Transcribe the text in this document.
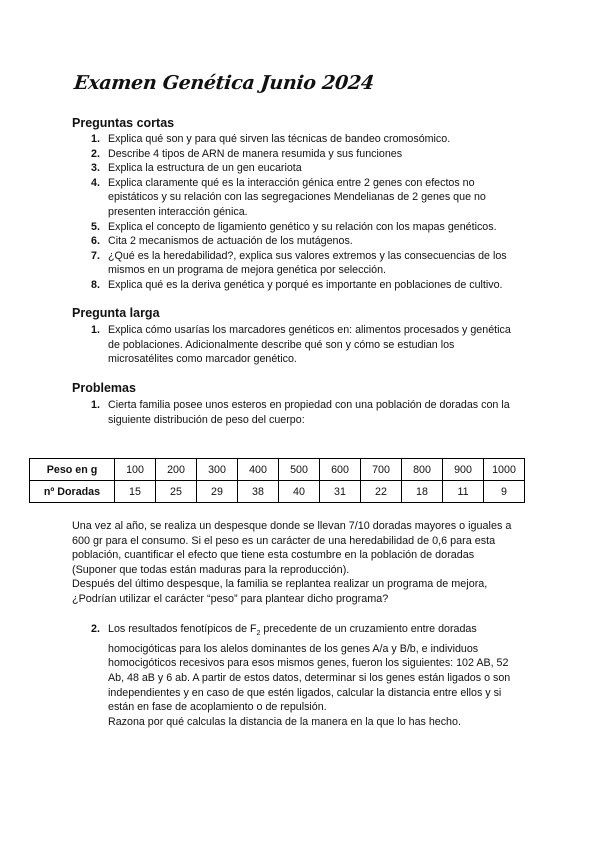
Examen Genética Junio 2024
Preguntas cortas
1. Explica qué son y para qué sirven las técnicas de bandeo cromosómico.
2. Describe 4 tipos de ARN de manera resumida y sus funciones
3. Explica la estructura de un gen eucariota
4. Explica claramente qué es la interacción génica entre 2 genes con efectos no
epistáticos y su relación con las segregaciones Mendelianas de 2 genes que no
presenten interacción génica.
5. Explica el concepto de ligamiento genético y su relación con los mapas genéticos.
6. Cita 2 mecanismos de actuación de los mutágenos.
7. ¿Qué es la heredabilidad?, explica sus valores extremos y las consecuencias de los
mismos en un programa de mejora genética por selección.
8. Explica qué es la deriva genética y porqué es importante en poblaciones de cultivo.
Pregunta larga
1. Explica cómo usarías los marcadores genéticos en: alimentos procesados y genética
de poblaciones. Adicionalmente describe qué son y cómo se estudian los
microsatélites como marcador genético.
Problemas
1. Cierta familia posee unos esteros en propiedad con una población de doradas con la
siguiente distribución de peso del cuerpo:
Peso en g	100	200	300	400	500	600	700	800	900	1000
nº Doradas	15	25	29	38	40	31	22	18	11	9

Una vez al año, se realiza un despesque donde se llevan 7/10 doradas mayores o iguales a
600 gr para el consumo. Si el peso es un carácter de una heredabilidad de 0,6 para esta
población, cuantificar el efecto que tiene esta costumbre en la población de doradas
(Suponer que todas están maduras para la reproducción).
Después del último despesque, la familia se replantea realizar un programa de mejora,
¿Podrían utilizar el carácter “peso” para plantear dicho programa?

2. Los resultados fenotípicos de $F_2$ precedente de un cruzamiento entre doradas
homocigóticas para los alelos dominantes de los genes A/a y B/b, e individuos
homocigóticos recesivos para esos mismos genes, fueron los siguientes: 102 AB, 52
Ab, 48 aB y 6 ab. A partir de estos datos, determinar si los genes están ligados o son
independientes y en caso de que estén ligados, calcular la distancia entre ellos y si
están en fase de acoplamiento o de repulsión.
Razona por qué calculas la distancia de la manera en la que lo has hecho.
